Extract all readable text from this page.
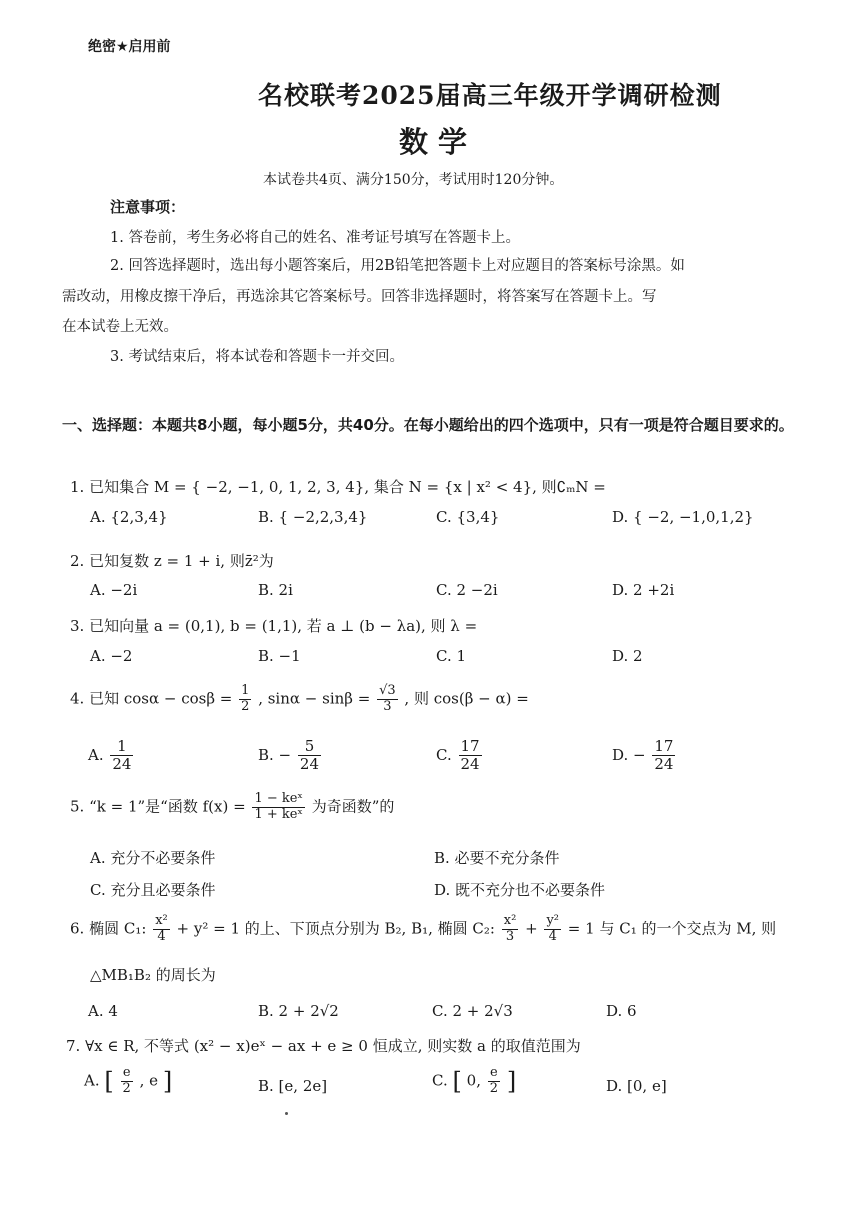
绝密★启用前
名校联考2025届高三年级开学调研检测
数学
本试卷共4页、满分150分，考试用时120分钟。
注意事项：
1. 答卷前，考生务必将自己的姓名、准考证号填写在答题卡上。
2. 回答选择题时，选出每小题答案后，用2B铅笔把答题卡上对应题目的答案标号涂黑。如
需改动，用橡皮擦干净后，再选涂其它答案标号。回答非选择题时，将答案写在答题卡上。写
在本试卷上无效。
3. 考试结束后，将本试卷和答题卡一并交回。
一、选择题：本题共8小题，每小题5分，共40分。在每小题给出的四个选项中，只有一项是符合题目要求的。
1. 已知集合 M = { −2, −1, 0, 1, 2, 3, 4}, 集合 N = {x | x² < 4}, 则∁ₘN =
A. {2,3,4}	B. { −2,2,3,4}	C. {3,4}	D. { −2, −1,0,1,2}
2. 已知复数 z = 1 + i, 则z̄²为
A. −2i	B. 2i	C. 2 −2i	D. 2 +2i
3. 已知向量 a = (0,1), b = (1,1), 若 a ⊥ (b − λa), 则 λ =
A. −2	B. −1	C. 1	D. 2
4. 已知 $\cos\alpha - \cos\beta = \frac{1}{2}$ , $\sin\alpha - \sin\beta = \frac{√3}{3}$ , 则 cos(β − α) =
A. $\frac{1}{24}$	B. − $\frac{5}{24}$	C. $\frac{17}{24}$	D. − $\frac{17}{24}$
5. “k = 1”是“函数 $f(x) = \frac{\text{1 − keˣ}}{\text{1 + keˣ}}$ 为奇函数”的
A. 充分不必要条件	B. 必要不充分条件
C. 充分且必要条件	D. 既不充分也不必要条件
6. 椭圆 C₁: $\frac{\text{x²}}{4} + y^2 = 1$ 的上、下顶点分别为 B₂, B₁, 椭圆 C₂: $\frac{\text{x²}}{3} + \frac{\text{y²}}{4} = 1$ 与 C₁ 的一个交点为 M, 则
△MB₁B₂ 的周长为
A. 4	B. 2 + 2√2	C. 2 + 2√3	D. 6
7. ∀x ∈ R, 不等式 (x² − x)eˣ − ax + e ≥ 0 恒成立, 则实数 a 的取值范围为
A. [ $\frac{e}{2}$ , e ]	B. [e, 2e]	C. [ 0, $\frac{e}{2}$ ]	D. [0, e]
